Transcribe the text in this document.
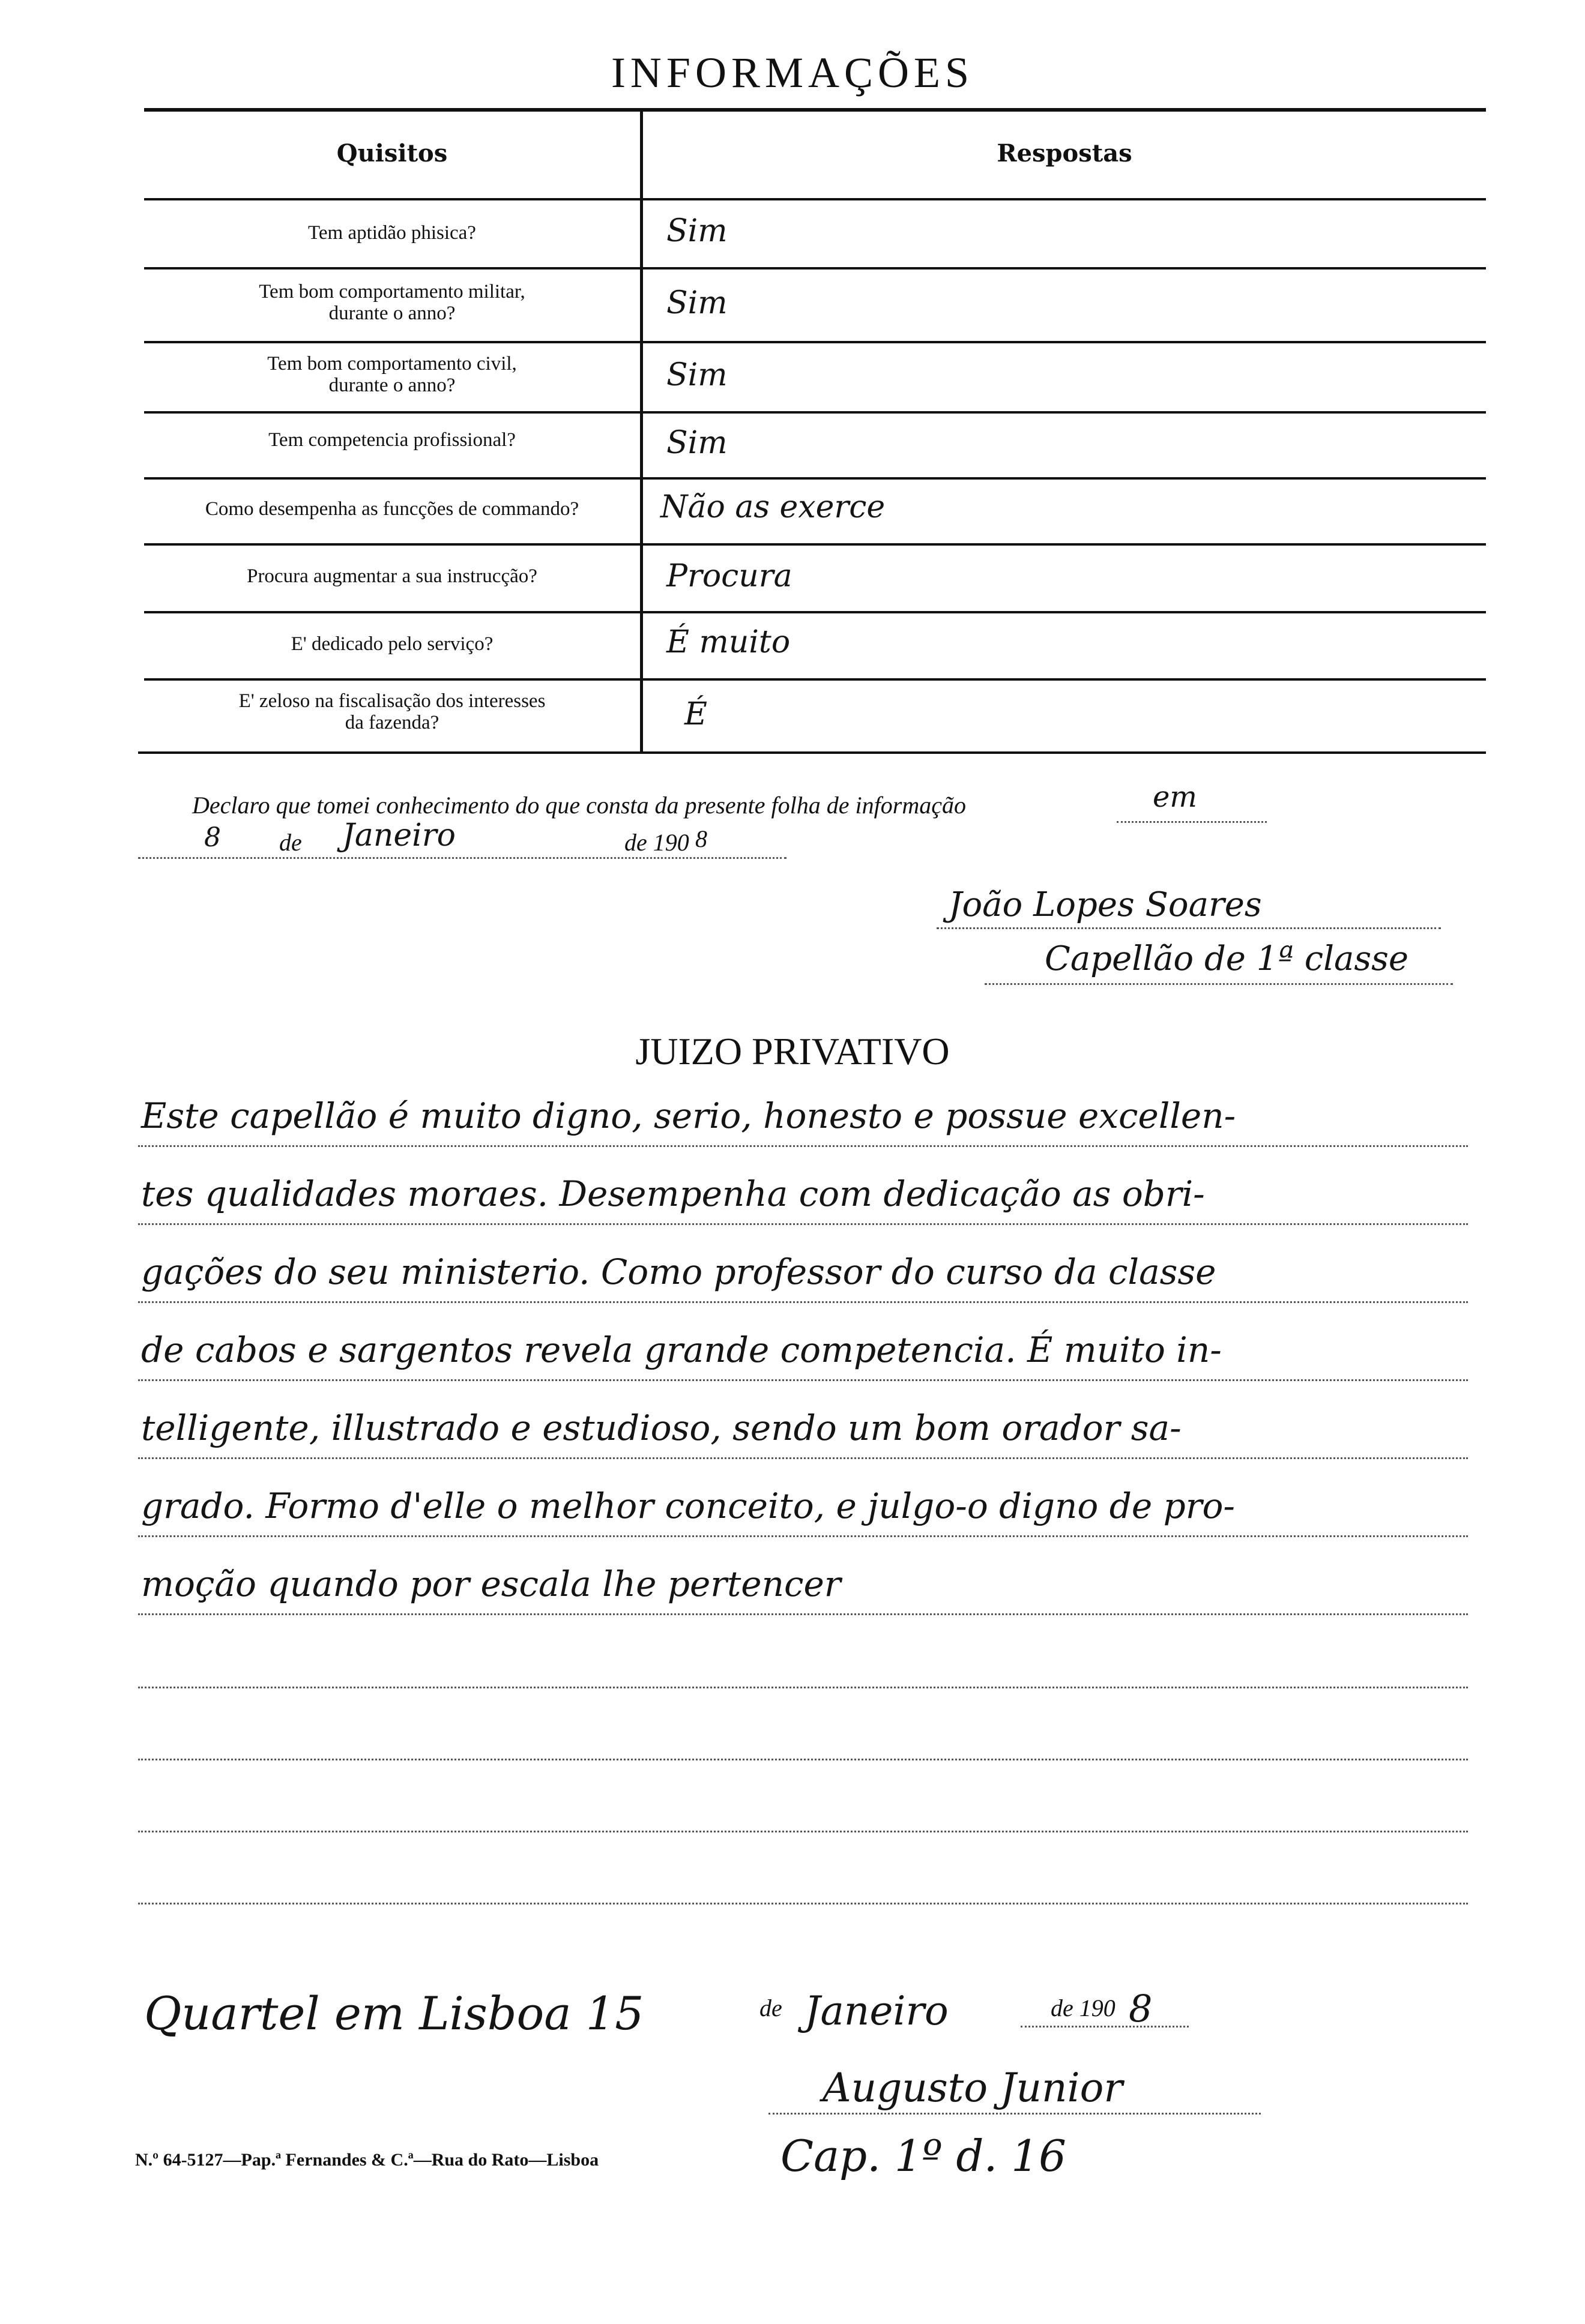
INFORMAÇÕES
Quisitos	Respostas
Tem aptidão phisica?	Sim
Tem bom comportamento militar,
durante o anno?	Sim
Tem bom comportamento civil,
durante o anno?	Sim
Tem competencia profissional?	Sim
Como desempenha as funcções de commando?	Não as exerce
Procura augmentar a sua instrucção?	Procura
E' dedicado pelo serviço?	É muito
E' zeloso na fiscalisação dos interesses
da fazenda?	É
Declaro que tomei conhecimento do que consta da presente folha de informação	em
8 de Janeiro	de 190 8
João Lopes Soares
Capellão de 1ª classe
JUIZO PRIVATIVO
Este capellão é muito digno, serio, honesto e possue excellen-
tes qualidades moraes. Desempenha com dedicação as obri-
gações do seu ministerio. Como professor do curso da classe
de cabos e sargentos revela grande competencia. É muito in-
telligente, illustrado e estudioso, sendo um bom orador sa-
grado. Formo d'elle o melhor conceito, e julgo-o digno de pro-
moção quando por escala lhe pertencer
Quartel em Lisboa 15	de Janeiro	de 190 8
Augusto Junior
Cap. 1º d. 16
N.º 64-5127—Pap.ª Fernandes & C.ª—Rua do Rato—Lisboa
